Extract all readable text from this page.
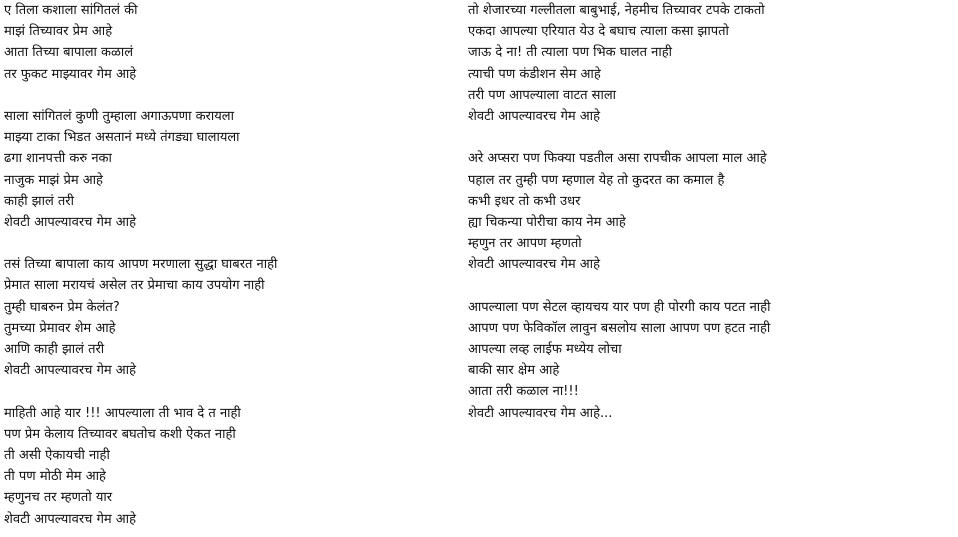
ए तिला कशाला सांगितलं की
माझं तिच्यावर प्रेम आहे
आता तिच्या बापाला कळालं
तर फुकट माझ्यावर गेम आहे
साला सांगितलं कुणी तुम्हाला अगाऊपणा करायला
माझ्या टाका भिडत असतानं मध्ये तंगड्या घालायला
ढगा शानपत्ती करु नका
नाजुक माझं प्रेम आहे
काही झालं तरी
शेवटी आपल्यावरच गेम आहे
तसं तिच्या बापाला काय आपण मरणाला सुद्धा घाबरत नाही
प्रेमात साला मरायचं असेल तर प्रेमाचा काय उपयोग नाही
तुम्ही घाबरुन प्रेम केलंत?
तुमच्या प्रेमावर शेम आहे
आणि काही झालं तरी
शेवटी आपल्यावरच गेम आहे
माहिती आहे यार !!! आपल्याला ती भाव दे त नाही
पण प्रेम केलाय तिच्यावर बघतोच कशी ऐकत नाही
ती असी ऐकायची नाही
ती पण मोठी मेम आहे
म्हणुनच तर म्हणतो यार
शेवटी आपल्यावरच गेम आहे
तो शेजारच्या गल्लीतला बाबुभाई, नेहमीच तिच्यावर टपके टाकतो
एकदा आपल्या एरियात येउ दे बघाच त्याला कसा झापतो
जाऊ दे ना! ती त्याला पण भिक घालत नाही
त्याची पण कंडीशन सेम आहे
तरी पण आपल्याला वाटत साला
शेवटी आपल्यावरच गेम आहे
अरे अप्सरा पण फिक्या पडतील असा रापचीक आपला माल आहे
पहाल तर तुम्ही पण म्हणाल येह तो कुदरत का कमाल है
कभी इधर तो कभी उधर
ह्या चिकन्या पोरीचा काय नेम आहे
म्हणुन तर आपण म्हणतो
शेवटी आपल्यावरच गेम आहे
आपल्याला पण सेटल व्हायचय यार पण ही पोरगी काय पटत नाही
आपण पण फेविकॉल लावुन बसलोय साला आपण पण हटत नाही
आपल्या लव्ह लाईफ मध्येय लोचा
बाकी सार क्षेम आहे
आता तरी कळाल ना!!!
शेवटी आपल्यावरच गेम आहे...
